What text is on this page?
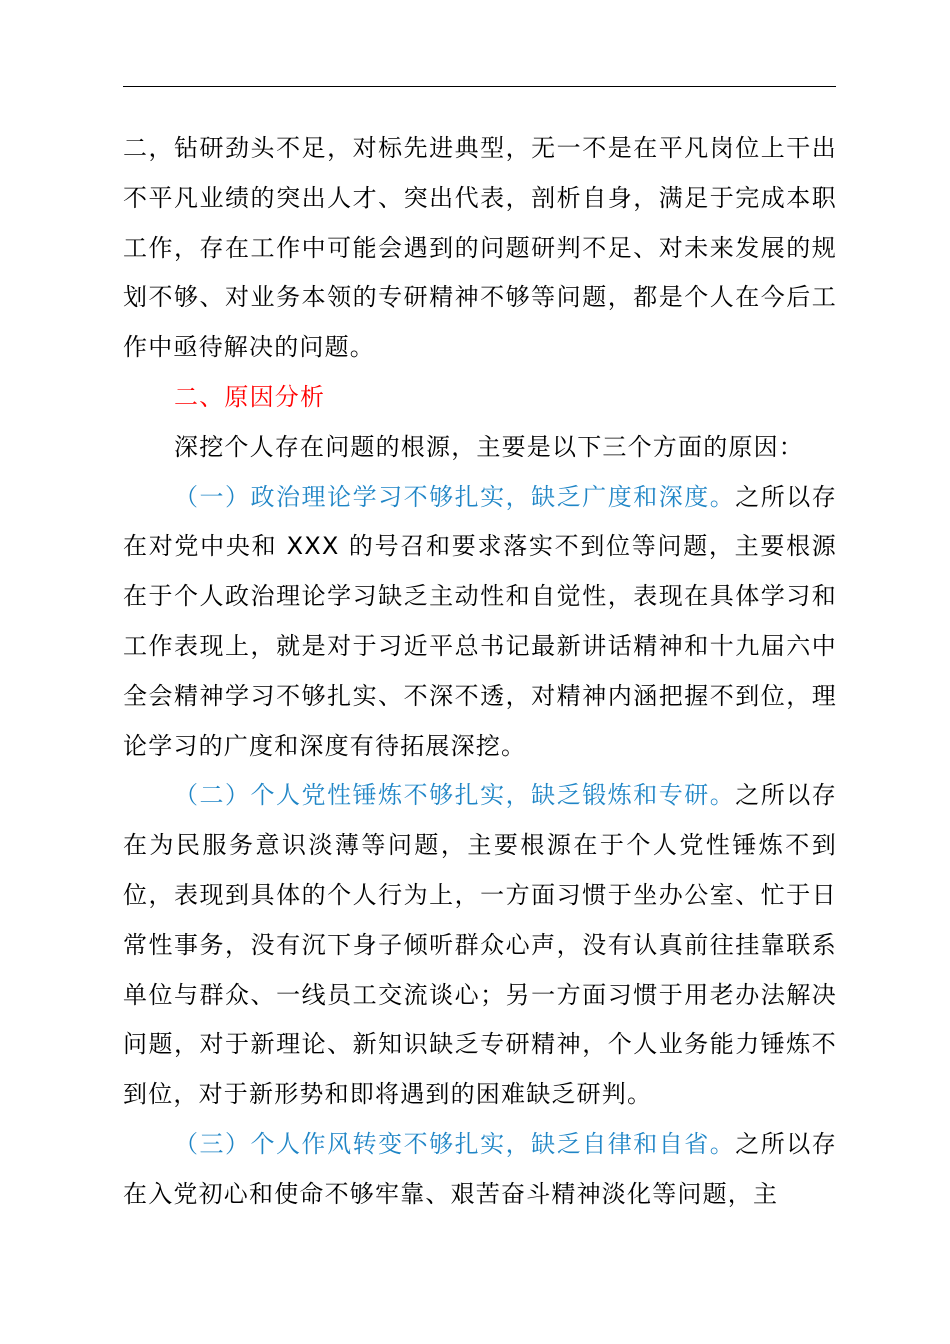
二，钻研劲头不足，对标先进典型，无一不是在平凡岗位上干出不平凡业绩的突出人才、突出代表，剖析自身，满足于完成本职工作，存在工作中可能会遇到的问题研判不足、对未来发展的规划不够、对业务本领的专研精神不够等问题，都是个人在今后工作中亟待解决的问题。

二、原因分析

深挖个人存在问题的根源，主要是以下三个方面的原因：

（一）政治理论学习不够扎实，缺乏广度和深度。之所以存在对党中央和 XXX 的号召和要求落实不到位等问题，主要根源在于个人政治理论学习缺乏主动性和自觉性，表现在具体学习和工作表现上，就是对于习近平总书记最新讲话精神和十九届六中全会精神学习不够扎实、不深不透，对精神内涵把握不到位，理论学习的广度和深度有待拓展深挖。

（二）个人党性锤炼不够扎实，缺乏锻炼和专研。之所以存在为民服务意识淡薄等问题，主要根源在于个人党性锤炼不到位，表现到具体的个人行为上，一方面习惯于坐办公室、忙于日常性事务，没有沉下身子倾听群众心声，没有认真前往挂靠联系单位与群众、一线员工交流谈心；另一方面习惯于用老办法解决问题，对于新理论、新知识缺乏专研精神，个人业务能力锤炼不到位，对于新形势和即将遇到的困难缺乏研判。

（三）个人作风转变不够扎实，缺乏自律和自省。之所以存在入党初心和使命不够牢靠、艰苦奋斗精神淡化等问题，主
